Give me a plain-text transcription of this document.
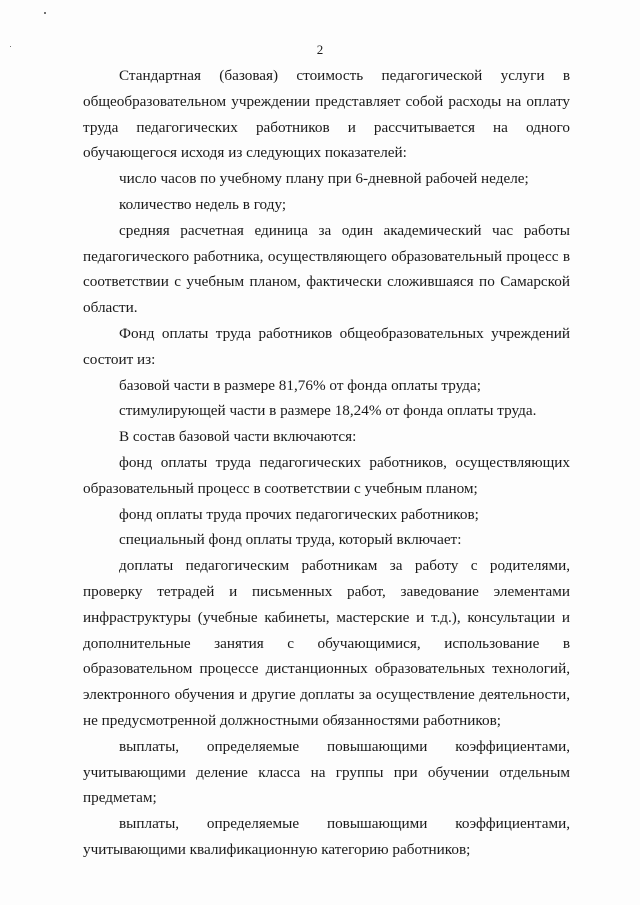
2

Стандартная (базовая) стоимость педагогической услуги в общеобразовательном учреждении представляет собой расходы на оплату труда педагогических работников и рассчитывается на одного обучающегося исходя из следующих показателей:

число часов по учебному плану при 6-дневной рабочей неделе;

количество недель в году;

средняя расчетная единица за один академический час работы педагогического работника, осуществляющего образовательный процесс в соответствии с учебным планом, фактически сложившаяся по Самарской области.

Фонд оплаты труда работников общеобразовательных учреждений состоит из:

базовой части в размере 81,76% от фонда оплаты труда;

стимулирующей части в размере 18,24% от фонда оплаты труда.

В состав базовой части включаются:

фонд оплаты труда педагогических работников, осуществляющих образовательный процесс в соответствии с учебным планом;

фонд оплаты труда прочих педагогических работников;

специальный фонд оплаты труда, который включает:

доплаты педагогическим работникам за работу с родителями, проверку тетрадей и письменных работ, заведование элементами инфраструктуры (учебные кабинеты, мастерские и т.д.), консультации и дополнительные занятия с обучающимися, использование в образовательном процессе дистанционных образовательных технологий, электронного обучения и другие доплаты за осуществление деятельности, не предусмотренной должностными обязанностями работников;

выплаты, определяемые повышающими коэффициентами, учитывающими деление класса на группы при обучении отдельным предметам;

выплаты, определяемые повышающими коэффициентами, учитывающими квалификационную категорию работников;
